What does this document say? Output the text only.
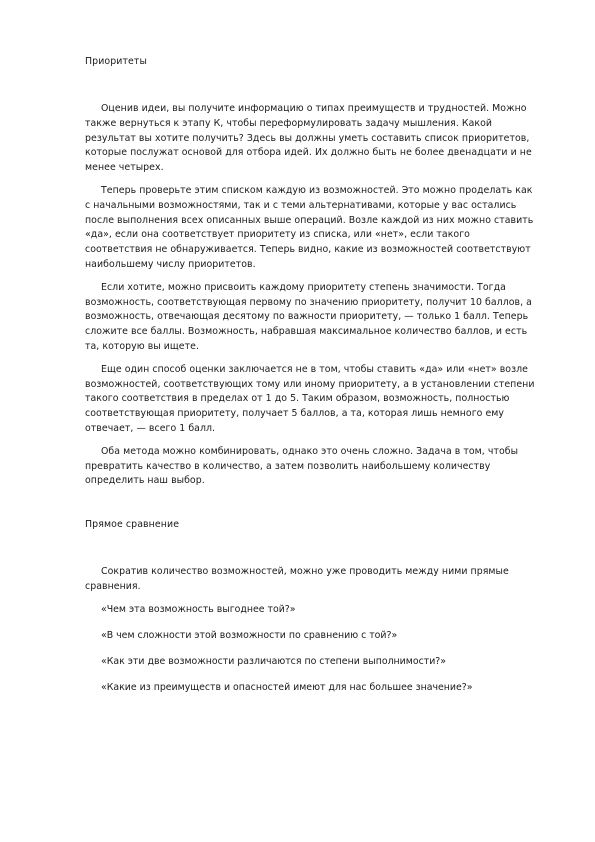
Приоритеты

Оценив идеи, вы получите информацию о типах преимуществ и трудностей. Можно также вернуться к этапу К, чтобы переформулировать задачу мышления. Какой результат вы хотите получить? Здесь вы должны уметь составить список приоритетов, которые послужат основой для отбора идей. Их должно быть не более двенадцати и не менее четырех.

Теперь проверьте этим списком каждую из возможностей. Это можно проделать как с начальными возможностями, так и с теми альтернативами, которые у вас остались после выполнения всех описанных выше операций. Возле каждой из них можно ставить «да», если она соответствует приоритету из списка, или «нет», если такого соответствия не обнаруживается. Теперь видно, какие из возможностей соответствуют наибольшему числу приоритетов.

Если хотите, можно присвоить каждому приоритету степень значимости. Тогда возможность, соответствующая первому по значению приоритету, получит 10 баллов, а возможность, отвечающая десятому по важности приоритету, — только 1 балл. Теперь сложите все баллы. Возможность, набравшая максимальное количество баллов, и есть та, которую вы ищете.

Еще один способ оценки заключается не в том, чтобы ставить «да» или «нет» возле возможностей, соответствующих тому или иному приоритету, а в установлении степени такого соответствия в пределах от 1 до 5. Таким образом, возможность, полностью соответствующая приоритету, получает 5 баллов, а та, которая лишь немного ему отвечает, — всего 1 балл.

Оба метода можно комбинировать, однако это очень сложно. Задача в том, чтобы превратить качество в количество, а затем позволить наибольшему количеству определить наш выбор.

Прямое сравнение

Сократив количество возможностей, можно уже проводить между ними прямые сравнения.

«Чем эта возможность выгоднее той?»

«В чем сложности этой возможности по сравнению с той?»

«Как эти две возможности различаются по степени выполнимости?»

«Какие из преимуществ и опасностей имеют для нас большее значение?»
